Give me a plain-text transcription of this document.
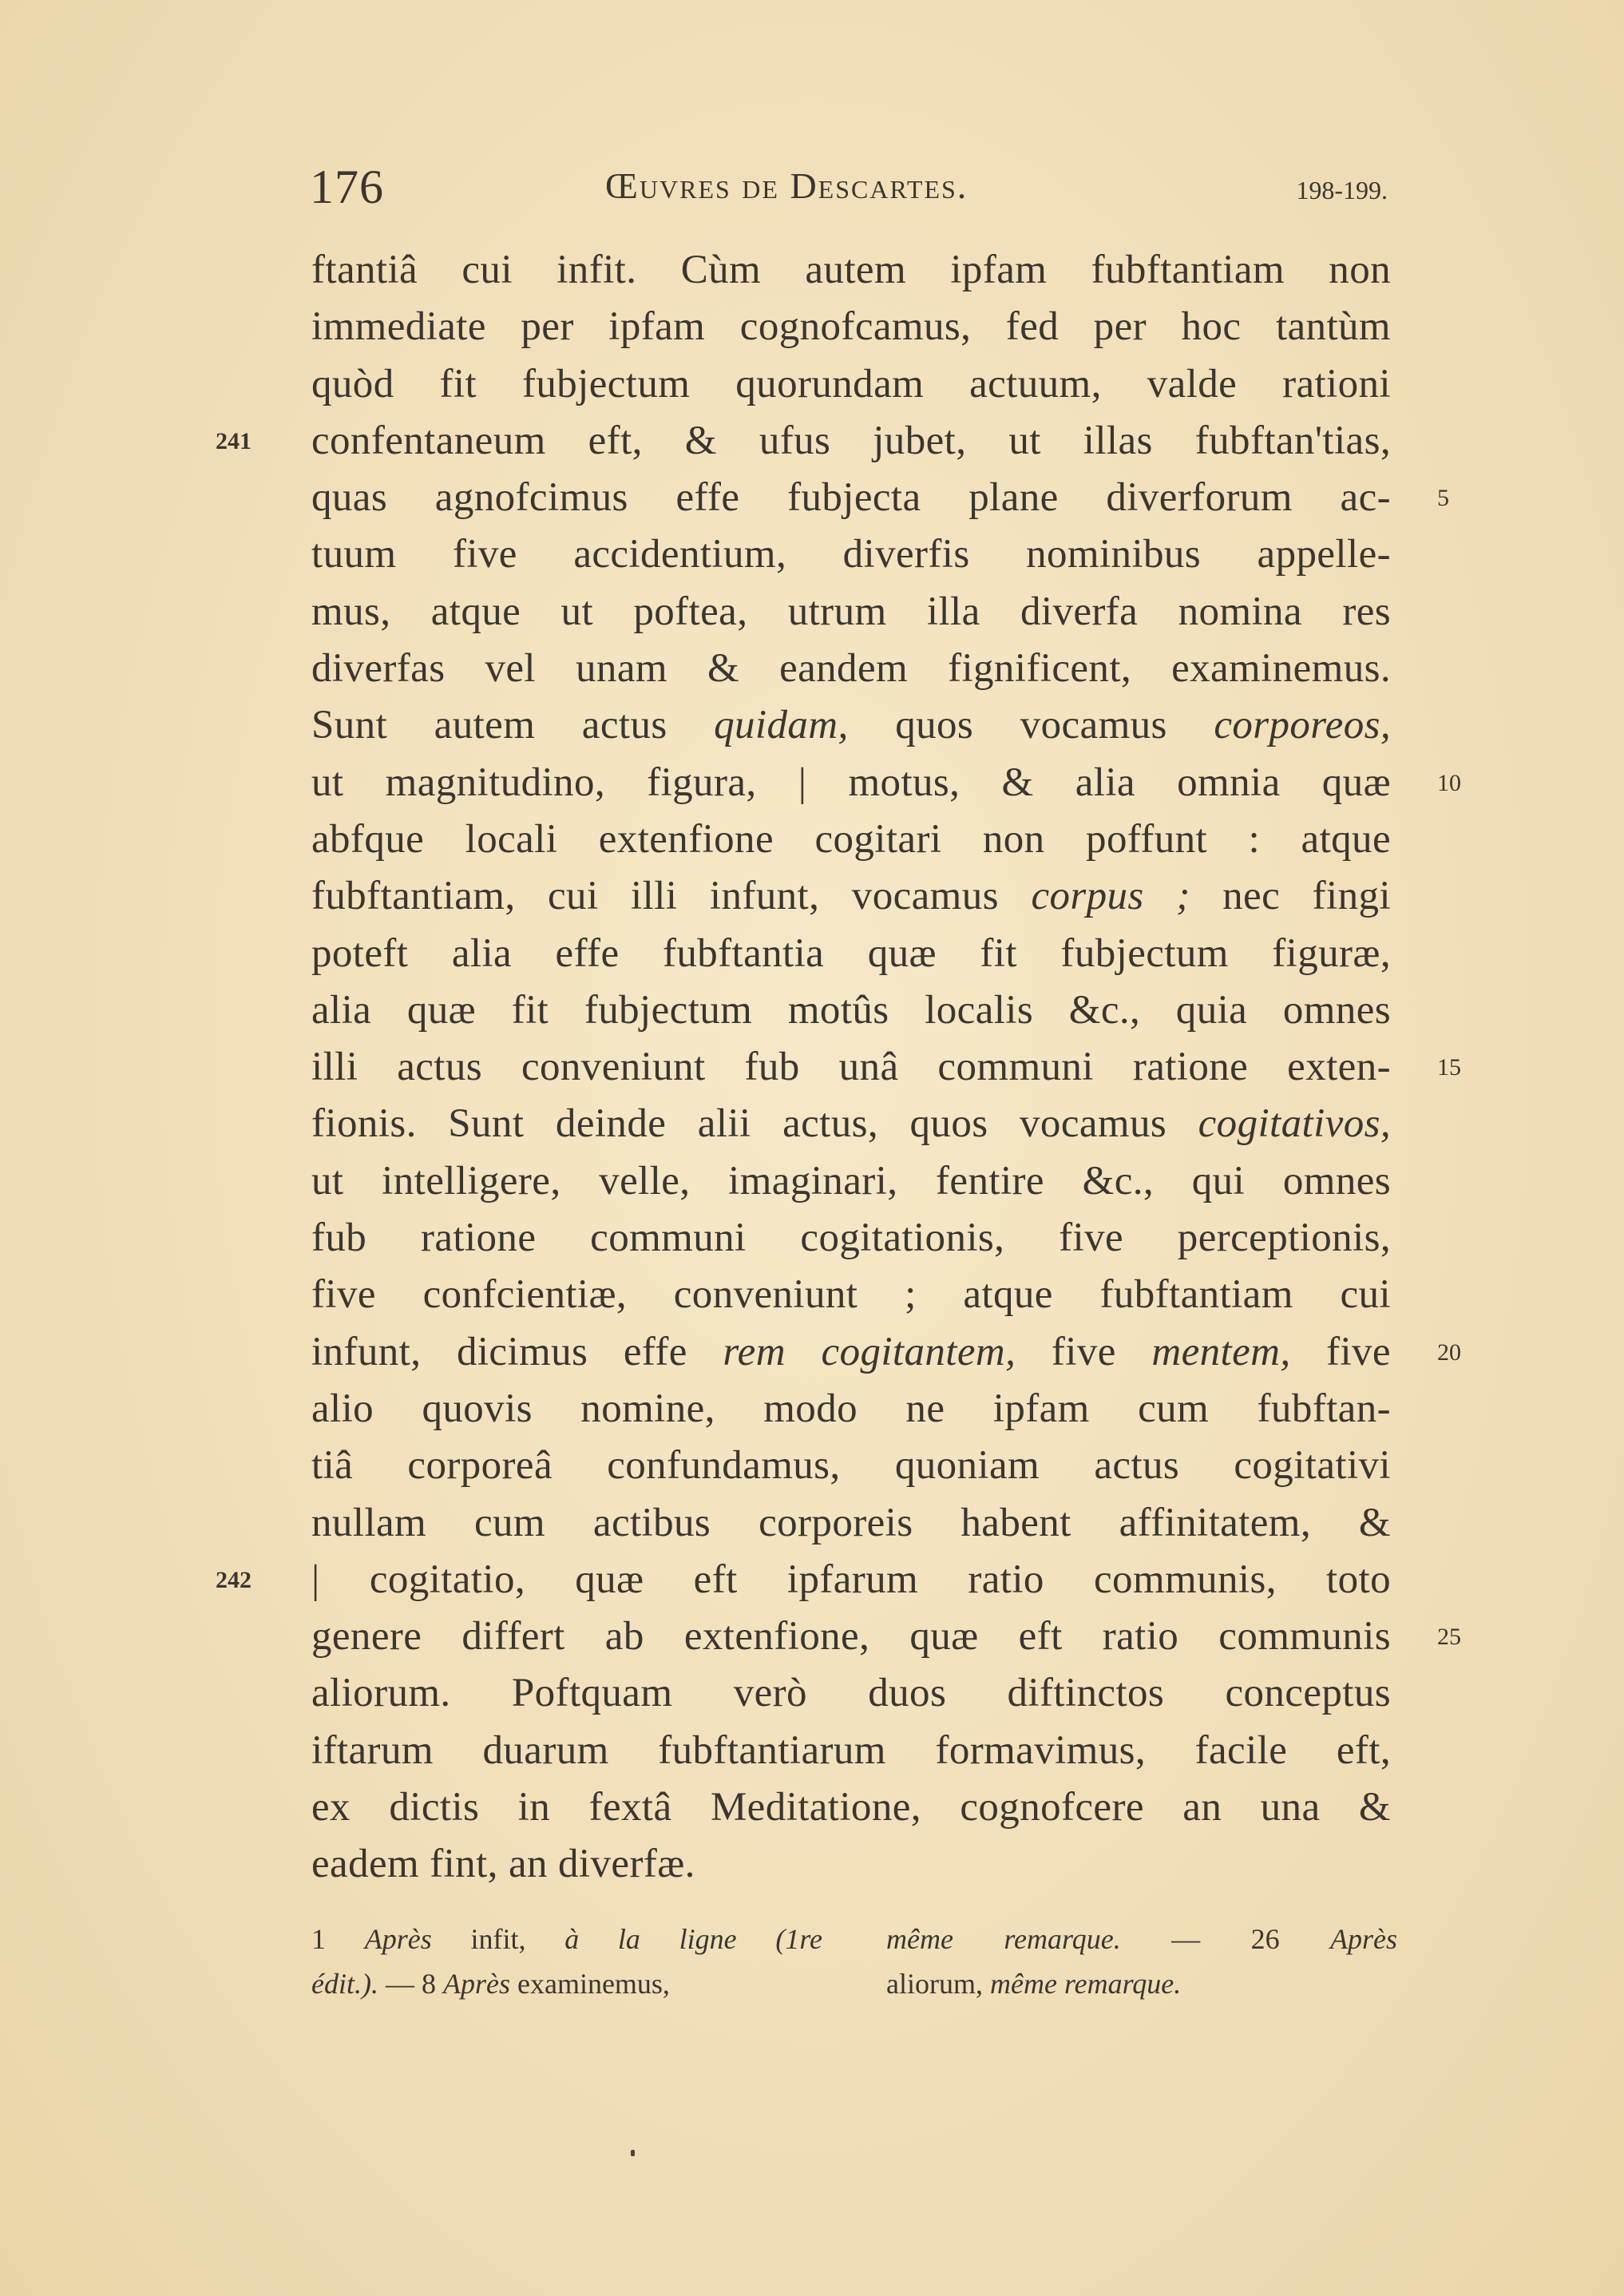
176	Œuvres de Descartes.	198-199.
ftantiâ cui infit. Cùm autem ipfam fubftantiam non
immediate per ipfam cognofcamus, fed per hoc tantùm
quòd fit fubjectum quorundam actuum, valde rationi
confentaneum eft, & ufus jubet, ut illas fubftan'tias,
quas agnofcimus effe fubjecta plane diverforum ac-
tuum five accidentium, diverfis nominibus appelle-
mus, atque ut poftea, utrum illa diverfa nomina res
diverfas vel unam & eandem fignificent, examinemus.
Sunt autem actus quidam, quos vocamus corporeos,
ut magnitudino, figura, | motus, & alia omnia quæ
abfque locali extenfione cogitari non poffunt : atque
fubftantiam, cui illi infunt, vocamus corpus ; nec fingi
poteft alia effe fubftantia quæ fit fubjectum figuræ,
alia quæ fit fubjectum motûs localis &c., quia omnes
illi actus conveniunt fub unâ communi ratione exten-
fionis. Sunt deinde alii actus, quos vocamus cogitativos,
ut intelligere, velle, imaginari, fentire &c., qui omnes
fub ratione communi cogitationis, five perceptionis,
five confcientiæ, conveniunt ; atque fubftantiam cui
infunt, dicimus effe rem cogitantem, five mentem, five
alio quovis nomine, modo ne ipfam cum fubftan-
tiâ corporeâ confundamus, quoniam actus cogitativi
nullam cum actibus corporeis habent affinitatem, &
| cogitatio, quæ eft ipfarum ratio communis, toto
genere differt ab extenfione, quæ eft ratio communis
aliorum. Poftquam verò duos diftinctos conceptus
iftarum duarum fubftantiarum formavimus, facile eft,
ex dictis in fextâ Meditatione, cognofcere an una &
eadem fint, an diverfæ.
241
242
5
10
15
20
25
1 Après infit, à la ligne (1re
édit.). — 8 Après examinemus,
même remarque. — 26 Après
aliorum, même remarque.
